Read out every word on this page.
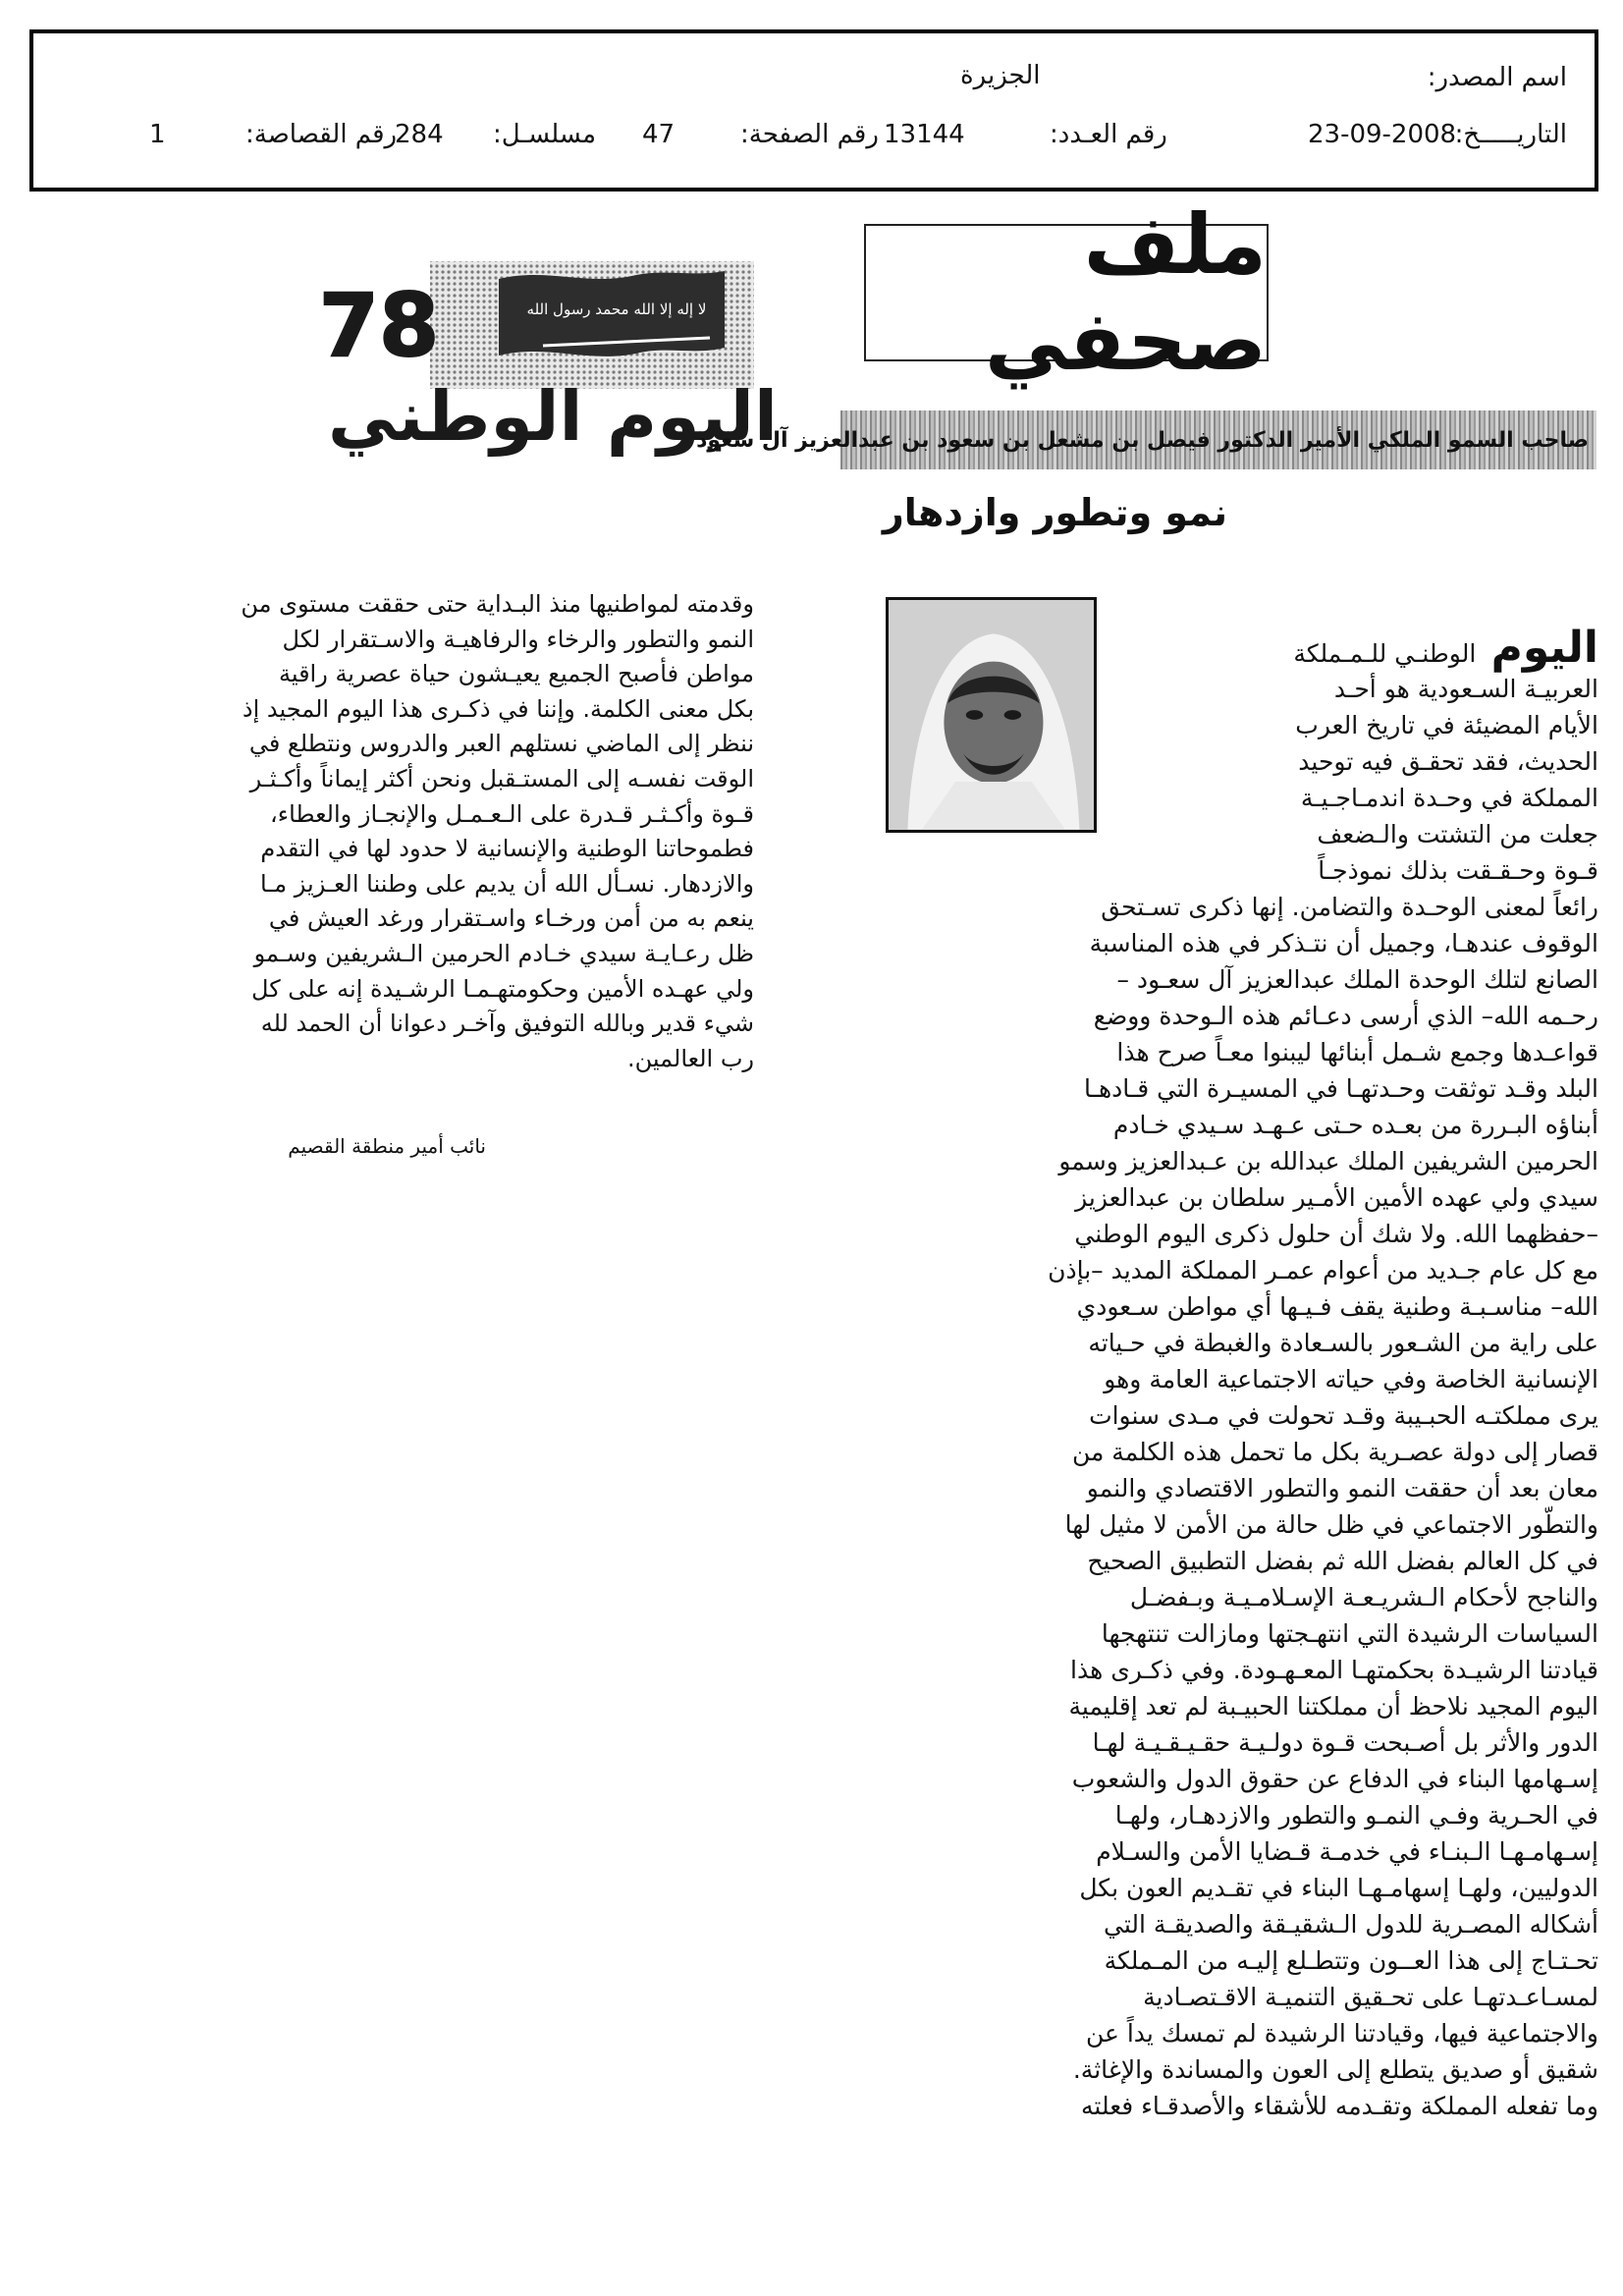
اسم المصدر:
الجزيرة
التاريـــــخ:
23-09-2008
رقم العـدد:
13144
رقم الصفحة:
47
مسلسـل:
284
رقم القصاصة:
1
ملف صحفي
لا إله إلا الله محمد رسول الله
78
اليوم الوطني
صاحب السمو الملكي الأمير الدكتور فيصل بن مشعل بن سعود بن عبدالعزيز آل سعود
نمو وتطور وازدهار

اليوم الوطنـي للـمـملكة
العربيـة السـعودية هو أحـد
الأيام المضيئة في تاريخ العرب
الحديث، فقد تحقـق فيه توحيد
المملكة في وحـدة اندمـاجـيـة
جعلت من التشتت والـضعف
قـوة وحـقـقت بذلك نموذجـاً
رائعاً لمعنى الوحـدة والتضامن. إنها ذكرى تسـتحق
الوقوف عندهـا، وجميل أن نتـذكر في هذه المناسبة
الصانع لتلك الوحدة الملك عبدالعزيز آل سعـود –
رحـمه الله– الذي أرسى دعـائم هذه الـوحدة ووضع
قواعـدها وجمع شـمل أبنائها ليبنوا معـاً صرح هذا
البلد وقـد توثقت وحـدتهـا في المسيـرة التي قـادهـا
أبناؤه البـررة من بعـده حـتى عـهـد سـيدي خـادم
الحرمين الشريفين الملك عبدالله بن عـبدالعزيز وسمو
سيدي ولي عهده الأمين الأمـير سلطان بن عبدالعزيز
–حفظهما الله. ولا شك أن حلول ذكرى اليوم الوطني
مع كل عام جـديد من أعوام عمـر المملكة المديد –بإذن
الله– مناسـبـة وطنية يقف فـيـها أي مواطن سـعودي
على راية من الشـعور بالسـعادة والغبطة في حـياته
الإنسانية الخاصة وفي حياته الاجتماعية العامة وهو
يرى مملكتـه الحبـيبة وقـد تحولت في مـدى سنوات
قصار إلى دولة عصـرية بكل ما تحمل هذه الكلمة من
معان بعد أن حققت النمو والتطور الاقتصادي والنمو
والتطّور الاجتماعي في ظل حالة من الأمن لا مثيل لها
في كل العالم بفضل الله ثم بفضل التطبيق الصحيح
والناجح لأحكام الـشريـعـة الإسـلامـيـة وبـفضـل
السياسات الرشيدة التي انتهـجتها ومازالت تنتهجها
قيادتنا الرشيـدة بحكمتهـا المعـهـودة. وفي ذكـرى هذا
اليوم المجيد نلاحظ أن مملكتنا الحبيـبة لم تعد إقليمية
الدور والأثر بل أصـبحت قـوة دولـيـة حقـيـقـيـة لهـا
إسـهامها البناء في الدفاع عن حقوق الدول والشعوب
في الحـرية وفـي النمـو والتطور والازدهـار، ولهـا
إسـهامـهـا الـبنـاء في خدمـة قـضايا الأمن والسـلام
الدوليين، ولهـا إسهامـهـا البناء في تقـديم العون بكل
أشكاله المصـرية للدول الـشقيـقة والصديقـة التي
تحـتـاج إلى هذا العــون وتتطـلع إليـه من المـملكة
لمسـاعـدتهـا على تحـقيق التنميـة الاقـتصـادية
والاجتماعية فيها، وقيادتنا الرشيدة لم تمسك يداً عن
شقيق أو صديق يتطلع إلى العون والمساندة والإغاثة.
وما تفعله المملكة وتقـدمه للأشقاء والأصدقـاء فعلته

وقدمته لمواطنيها منذ البـداية حتى حققت مستوى من
النمو والتطور والرخاء والرفاهيـة والاسـتقرار لكل
مواطن فأصبح الجميع يعيـشون حياة عصرية راقية
بكل معنى الكلمة. وإننا في ذكـرى هذا اليوم المجيد إذ
ننظر إلى الماضي نستلهم العبر والدروس ونتطلع في
الوقت نفسـه إلى المستـقبل ونحن أكثر إيماناً وأكـثـر
قـوة وأكـثـر قـدرة على الـعـمـل والإنجـاز والعطاء،
فطموحاتنا الوطنية والإنسانية لا حدود لها في التقدم
والازدهار. نسـأل الله أن يديم على وطننا العـزيز مـا
ينعم به من أمن ورخـاء واسـتقرار ورغد العيش في
ظل رعـايـة سيدي خـادم الحرمين الـشريفين وسـمو
ولي عهـده الأمين وحكومتهـمـا الرشـيدة إنه على كل
شيء قدير وبالله التوفيق وآخـر دعوانا أن الحمد لله
رب العالمين.

نائب أمير منطقة القصيم
